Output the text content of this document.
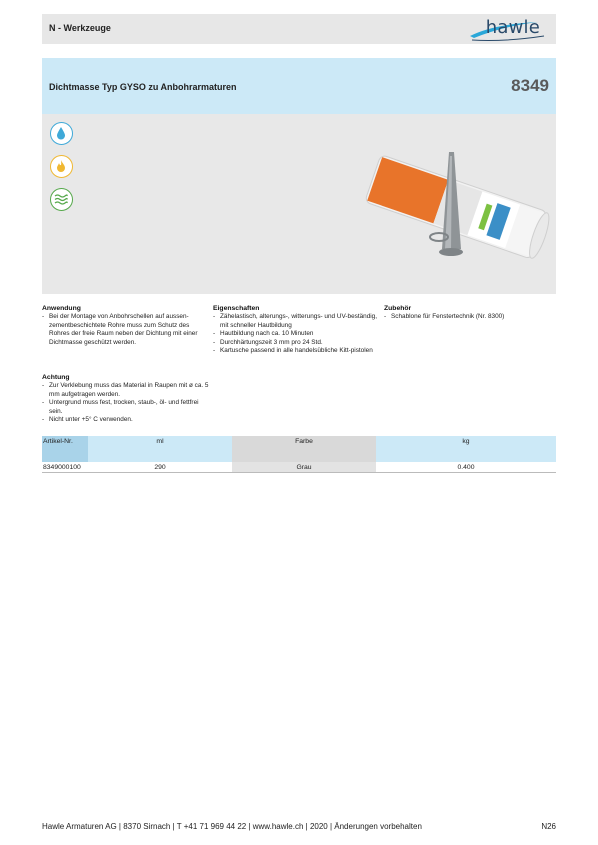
N - Werkzeuge	hawle
Dichtmasse Typ GYSO zu Anbohrarmaturen	8349
Anwendung
- Bei der Montage von Anbohrschellen auf aussen-zementbeschichtete Rohre muss zum Schutz des Rohres der freie Raum neben der Dichtung mit einer Dichtmasse geschützt werden.
Achtung
- Zur Verklebung muss das Material in Raupen mit ø ca. 5 mm aufgetragen werden.
- Untergrund muss fest, trocken, staub-, öl- und fettfrei sein.
- Nicht unter +5° C verwenden.
Eigenschaften
- Zähelastisch, alterungs-, witterungs- und UV-beständig, mit schneller Hautbildung
- Hautbildung nach ca. 10 Minuten
- Durchhärtungszeit 3 mm pro 24 Std.
- Kartusche passend in alle handelsübliche Kitt-pistolen
Zubehör
- Schablone für Fenstertechnik (Nr. 8300)
Artikel-Nr.	ml	Farbe	kg
8349000100	290	Grau	0.400
Hawle Armaturen AG | 8370 Sirnach | T +41 71 969 44 22 | www.hawle.ch | 2020 | Änderungen vorbehalten	N26
